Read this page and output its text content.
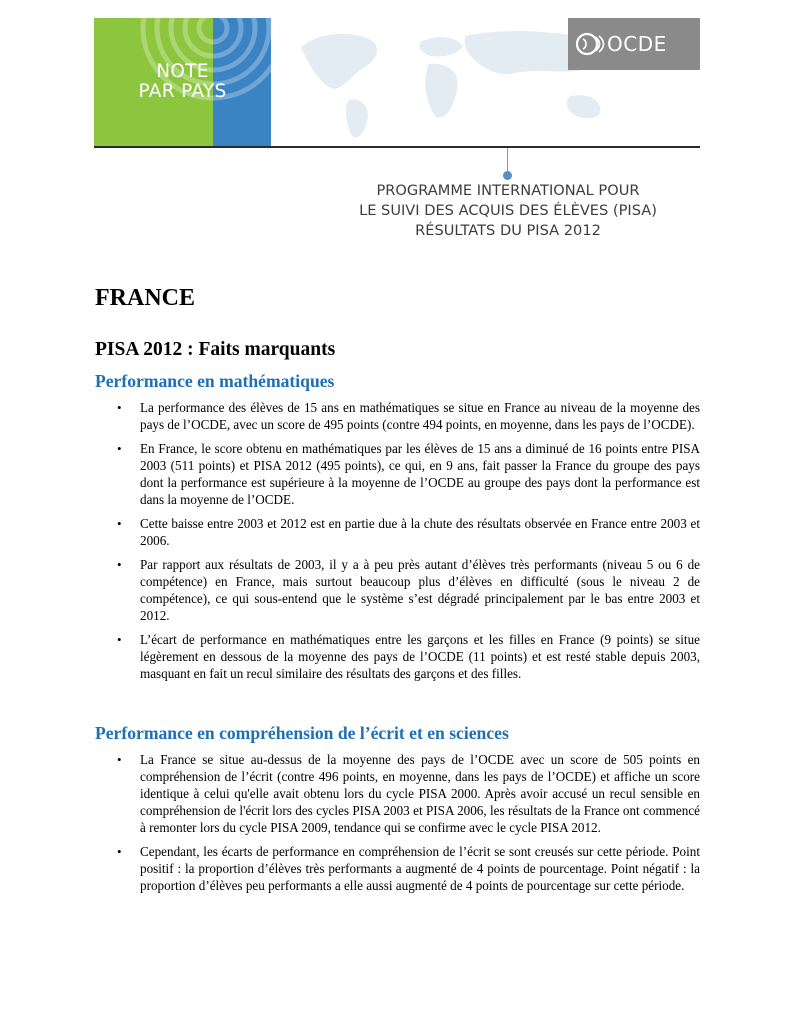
NOTE
PAR PAYS
OCDE
PROGRAMME INTERNATIONAL POUR
LE SUIVI DES ACQUIS DES ÉLÈVES (PISA)
RÉSULTATS DU PISA 2012
FRANCE
PISA 2012 : Faits marquants
Performance en mathématiques
• La performance des élèves de 15 ans en mathématiques se situe en France au niveau de la moyenne des pays de l’OCDE, avec un score de 495 points (contre 494 points, en moyenne, dans les pays de l’OCDE).
• En France, le score obtenu en mathématiques par les élèves de 15 ans a diminué de 16 points entre PISA 2003 (511 points) et PISA 2012 (495 points), ce qui, en 9 ans, fait passer la France du groupe des pays dont la performance est supérieure à la moyenne de l’OCDE au groupe des pays dont la performance est dans la moyenne de l’OCDE.
• Cette baisse entre 2003 et 2012 est en partie due à la chute des résultats observée en France entre 2003 et 2006.
• Par rapport aux résultats de 2003, il y a à peu près autant d’élèves très performants (niveau 5 ou 6 de compétence) en France, mais surtout beaucoup plus d’élèves en difficulté (sous le niveau 2 de compétence), ce qui sous-entend que le système s’est dégradé principalement par le bas entre 2003 et 2012.
• L’écart de performance en mathématiques entre les garçons et les filles en France (9 points) se situe légèrement en dessous de la moyenne des pays de l’OCDE (11 points) et est resté stable depuis 2003, masquant en fait un recul similaire des résultats des garçons et des filles.
Performance en compréhension de l’écrit et en sciences
• La France se situe au-dessus de la moyenne des pays de l’OCDE avec un score de 505 points en compréhension de l’écrit (contre 496 points, en moyenne, dans les pays de l’OCDE) et affiche un score identique à celui qu'elle avait obtenu lors du cycle PISA 2000. Après avoir accusé un recul sensible en compréhension de l'écrit lors des cycles PISA 2003 et PISA 2006, les résultats de la France ont commencé à remonter lors du cycle PISA 2009, tendance qui se confirme avec le cycle PISA 2012.
• Cependant, les écarts de performance en compréhension de l’écrit se sont creusés sur cette période. Point positif : la proportion d’élèves très performants a augmenté de 4 points de pourcentage. Point négatif : la proportion d’élèves peu performants a elle aussi augmenté de 4 points de pourcentage sur cette période.
